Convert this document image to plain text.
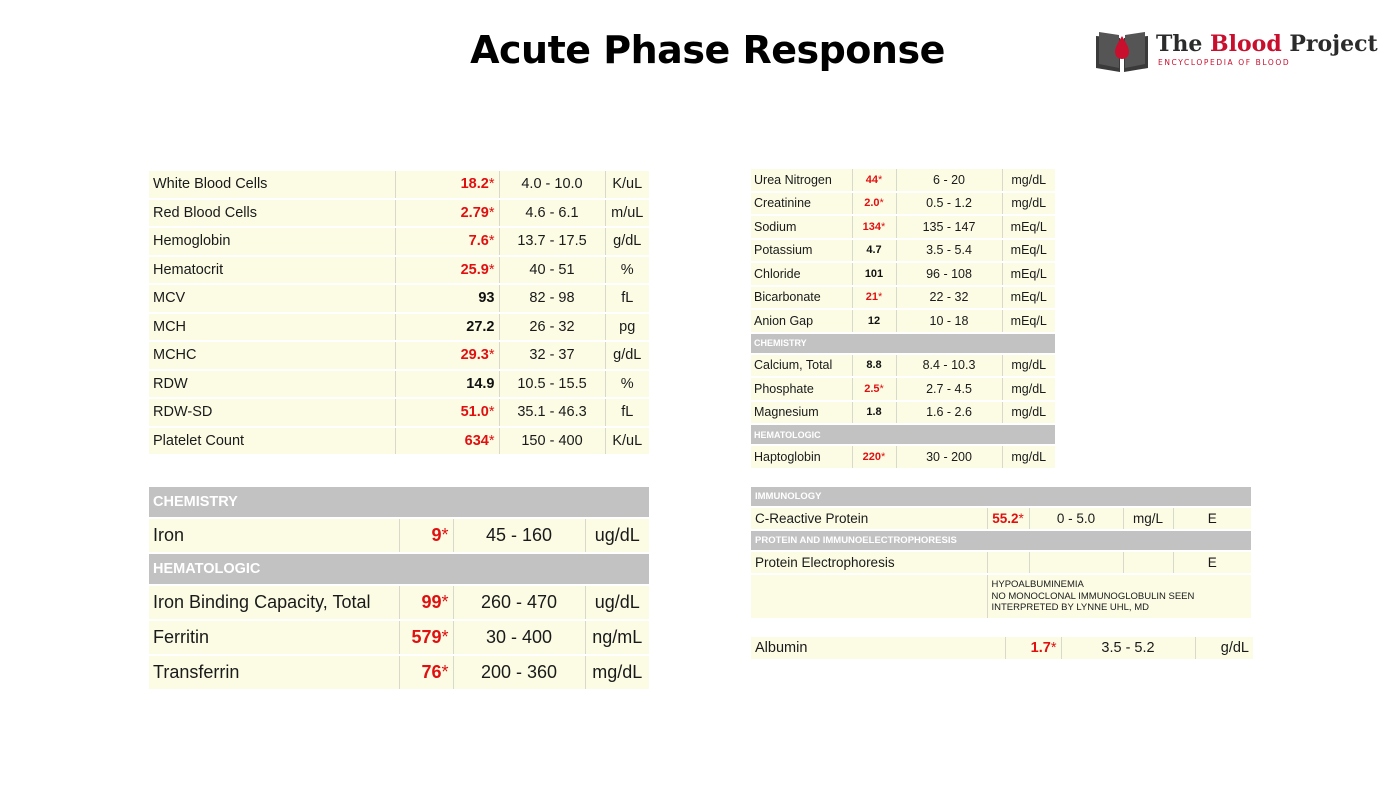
Acute Phase Response	The Blood Project
ENCYCLOPEDIA OF BLOOD
White Blood Cells	18.2*	4.0 - 10.0	K/uL
Red Blood Cells	2.79*	4.6 - 6.1	m/uL
Hemoglobin	7.6*	13.7 - 17.5	g/dL
Hematocrit	25.9*	40 - 51	%
MCV	93	82 - 98	fL
MCH	27.2	26 - 32	pg
MCHC	29.3*	32 - 37	g/dL
RDW	14.9	10.5 - 15.5	%
RDW-SD	51.0*	35.1 - 46.3	fL
Platelet Count	634*	150 - 400	K/uL
CHEMISTRY			
Iron	9*	45 - 160	ug/dL
HEMATOLOGIC			
Iron Binding Capacity, Total	99*	260 - 470	ug/dL
Ferritin	579*	30 - 400	ng/mL
Transferrin	76*	200 - 360	mg/dL
Urea Nitrogen	44*	6 - 20	mg/dL
Creatinine	2.0*	0.5 - 1.2	mg/dL
Sodium	134*	135 - 147	mEq/L
Potassium	4.7	3.5 - 5.4	mEq/L
Chloride	101	96 - 108	mEq/L
Bicarbonate	21*	22 - 32	mEq/L
Anion Gap	12	10 - 18	mEq/L
CHEMISTRY			
Calcium, Total	8.8	8.4 - 10.3	mg/dL
Phosphate	2.5*	2.7 - 4.5	mg/dL
Magnesium	1.8	1.6 - 2.6	mg/dL
HEMATOLOGIC			
Haptoglobin	220*	30 - 200	mg/dL
IMMUNOLOGY				
C-Reactive Protein	55.2*	0 - 5.0	mg/L	E
PROTEIN AND IMMUNOELECTROPHORESIS				
Protein Electrophoresis				E

	HYPOALBUMINEMIA
NO MONOCLONAL IMMUNOGLOBULIN SEEN
INTERPRETED BY LYNNE UHL, MD			
Albumin	1.7*	3.5 - 5.2	g/dL
